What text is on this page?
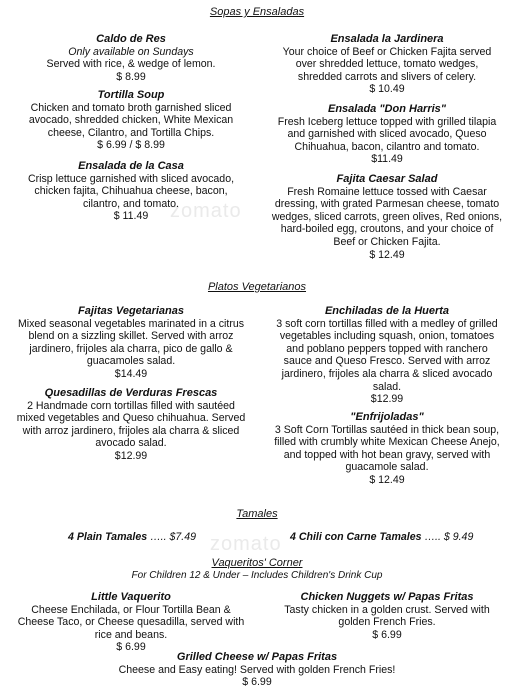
zomato
zomato
Sopas y Ensaladas
Caldo de Res
Only available on Sundays
Served with rice, & wedge of lemon.
$ 8.99
Tortilla Soup
Chicken and tomato broth garnished sliced
avocado, shredded chicken, White Mexican
cheese, Cilantro, and Tortilla Chips.
$ 6.99 / $ 8.99
Ensalada de la Casa
Crisp lettuce garnished with sliced avocado,
chicken fajita, Chihuahua cheese, bacon,
cilantro, and tomato.
$ 11.49
Ensalada la Jardinera
Your choice of Beef or Chicken Fajita served
over shredded lettuce, tomato wedges,
shredded carrots and slivers of celery.
$ 10.49
Ensalada "Don Harris"
Fresh Iceberg lettuce topped with grilled tilapia
and garnished with sliced avocado, Queso
Chihuahua, bacon, cilantro and tomato.
$11.49
Fajita Caesar Salad
Fresh Romaine lettuce tossed with Caesar
dressing, with grated Parmesan cheese, tomato
wedges, sliced carrots, green olives, Red onions,
hard-boiled egg, croutons, and your choice of
Beef or Chicken Fajita.
$ 12.49
Platos Vegetarianos
Fajitas Vegetarianas
Mixed seasonal vegetables marinated in a citrus
blend on a sizzling skillet. Served with arroz
jardinero, frijoles ala charra, pico de gallo &
guacamoles salad.
$14.49
Quesadillas de Verduras Frescas
2 Handmade corn tortillas filled with sautéed
mixed vegetables and Queso chihuahua. Served
with arroz jardinero, frijoles ala charra & sliced
avocado salad.
$12.99
Enchiladas de la Huerta
3 soft corn tortillas filled with a medley of grilled
vegetables including squash, onion, tomatoes
and poblano peppers topped with ranchero
sauce and Queso Fresco. Served with arroz
jardinero, frijoles ala charra & sliced avocado
salad.
$12.99
"Enfrijoladas"
3 Soft Corn Tortillas sautéed in thick bean soup,
filled with crumbly white Mexican Cheese Anejo,
and topped with hot bean gravy, served with
guacamole salad.
$ 12.49
Tamales
4 Plain Tamales ….. $7.49	4 Chili con Carne Tamales ….. $ 9.49
Vaqueritos' Corner
For Children 12 & Under – Includes Children's Drink Cup
Little Vaquerito
Cheese Enchilada, or Flour Tortilla Bean &
Cheese Taco, or Cheese quesadilla, served with
rice and beans.
$ 6.99
Chicken Nuggets w/ Papas Fritas
Tasty chicken in a golden crust. Served with
golden French Fries.
$ 6.99
Grilled Cheese w/ Papas Fritas
Cheese and Easy eating! Served with golden French Fries!
$ 6.99
